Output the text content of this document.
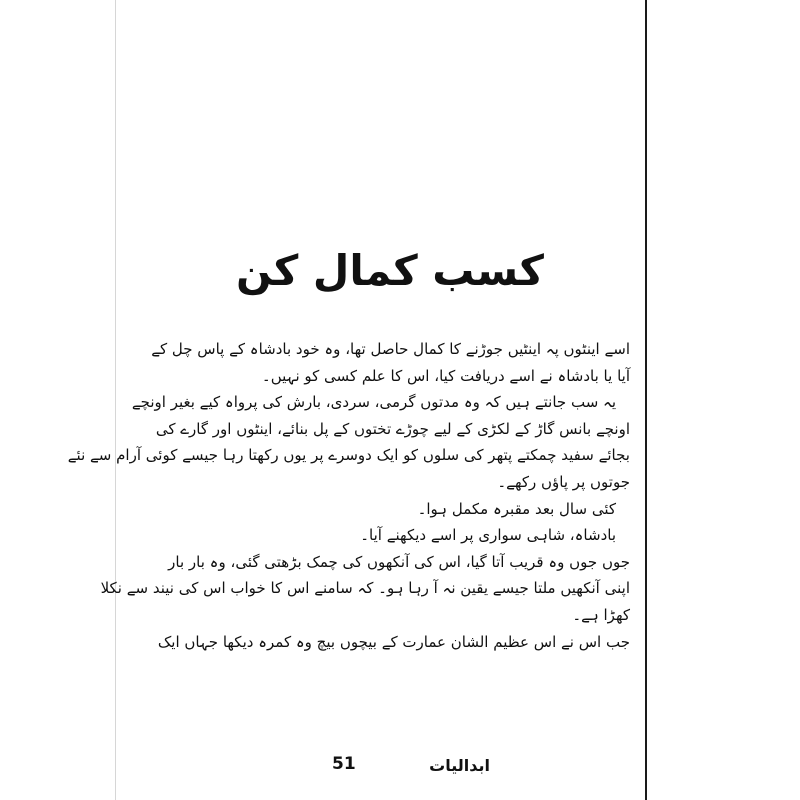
کسب کمال کن
اسے اینٹوں پہ اینٹیں جوڑنے کا کمال حاصل تھا، وہ خود بادشاہ کے پاس چل کے
آیا یا بادشاہ نے اسے دریافت کیا، اس کا علم کسی کو نہیں۔
یہ سب جانتے ہیں کہ وہ مدتوں گرمی، سردی، بارش کی پرواہ کیے بغیر اونچے
اونچے بانس گاڑ کے لکڑی کے لیے چوڑے تختوں کے پل بنائے، اینٹوں اور گارے کی
بجائے سفید چمکتے پتھر کی سلوں کو ایک دوسرے پر یوں رکھتا رہا جیسے کوئی آرام سے نئے
جوتوں پر پاؤں رکھے۔
کئی سال بعد مقبرہ مکمل ہوا۔
بادشاہ، شاہی سواری پر اسے دیکھنے آیا۔
جوں جوں وہ قریب آتا گیا، اس کی آنکھوں کی چمک بڑھتی گئی، وہ بار بار
اپنی آنکھیں ملتا جیسے یقین نہ آ رہا ہو۔ کہ سامنے اس کا خواب اس کی نیند سے نکلا
کھڑا ہے۔
جب اس نے اس عظیم الشان عمارت کے بیچوں بیچ وہ کمرہ دیکھا جہاں ایک
ابدالیات
51
